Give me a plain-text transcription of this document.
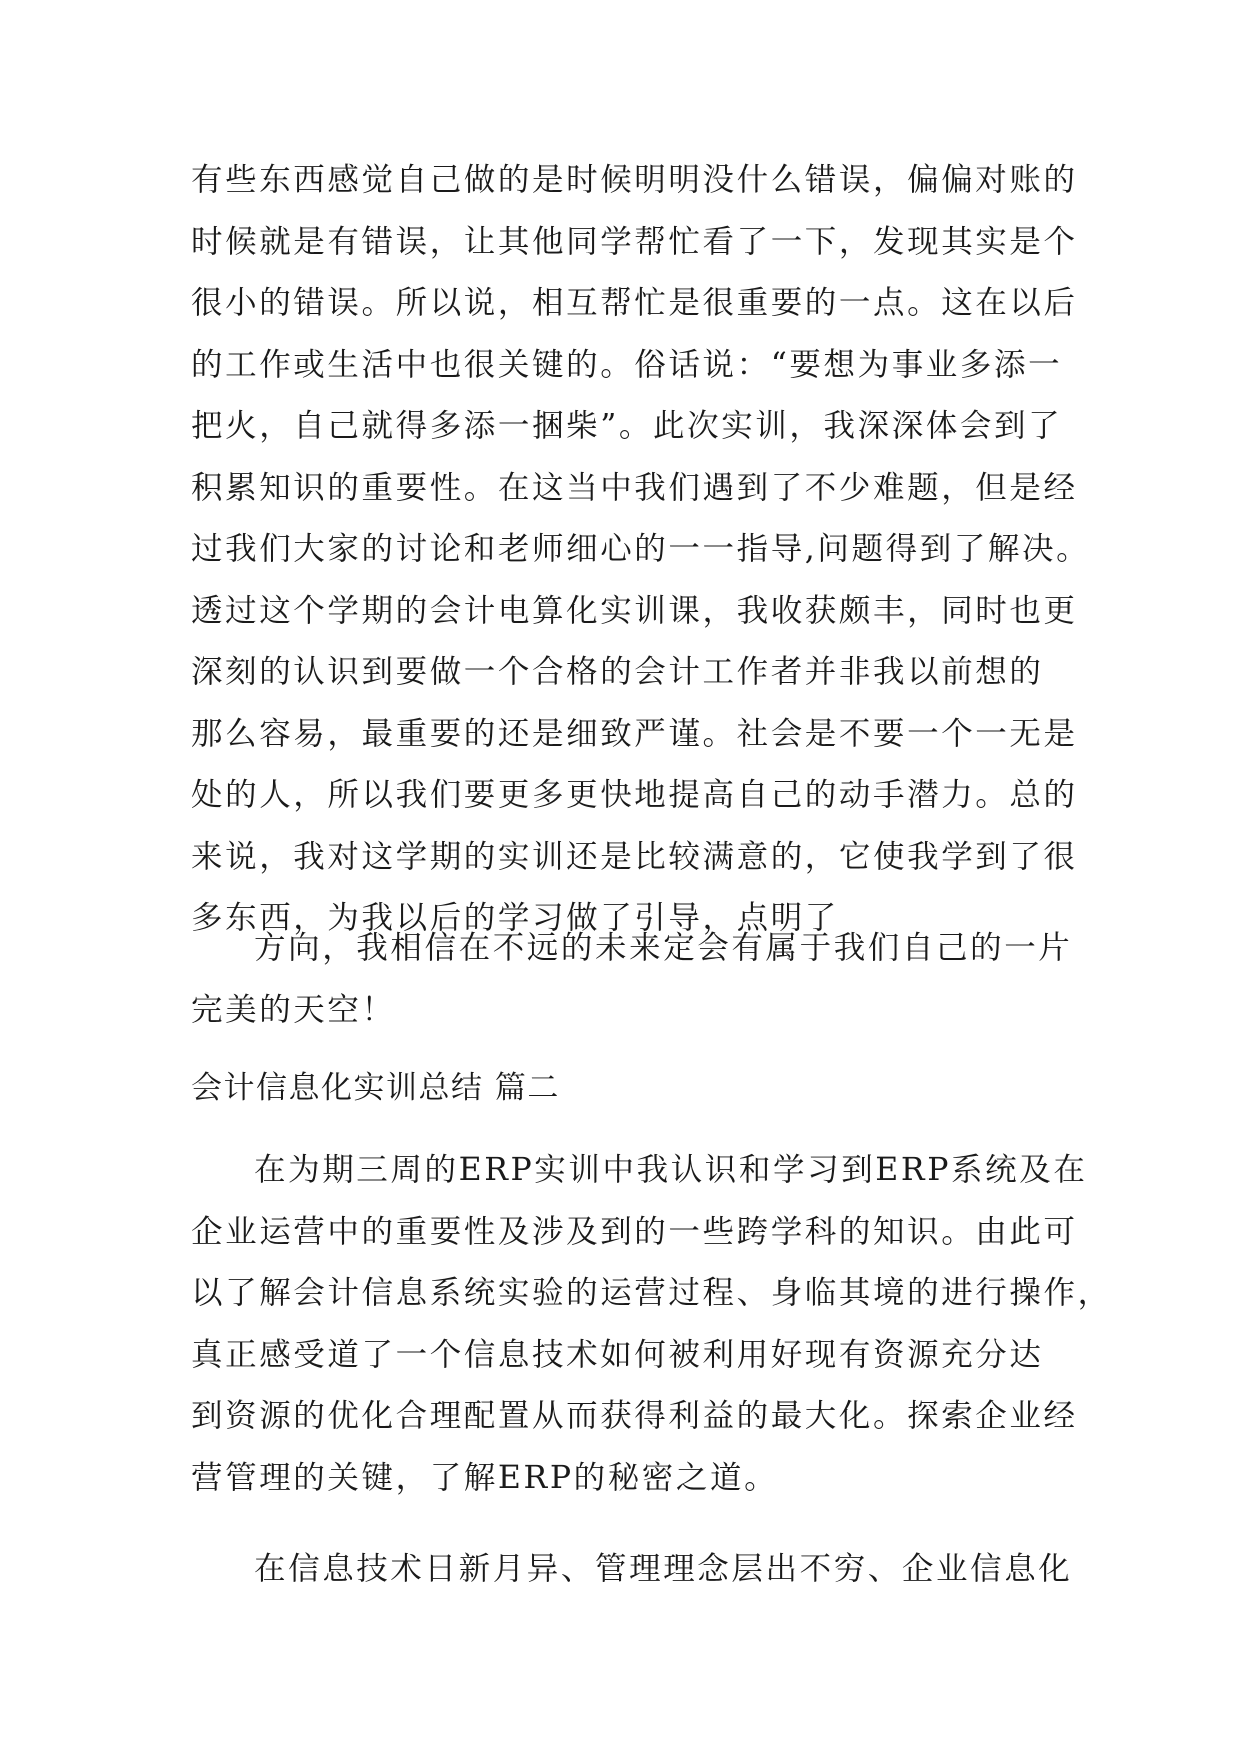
有些东西感觉自己做的是时候明明没什么错误，偏偏对账的
时候就是有错误，让其他同学帮忙看了一下，发现其实是个
很小的错误。所以说，相互帮忙是很重要的一点。这在以后
的工作或生活中也很关键的。俗话说：“要想为事业多添一
把火，自己就得多添一捆柴”。此次实训，我深深体会到了
积累知识的重要性。在这当中我们遇到了不少难题，但是经
过我们大家的讨论和老师细心的一一指导,问题得到了解决。
透过这个学期的会计电算化实训课，我收获颇丰，同时也更
深刻的认识到要做一个合格的会计工作者并非我以前想的
那么容易，最重要的还是细致严谨。社会是不要一个一无是
处的人，所以我们要更多更快地提高自己的动手潜力。总的
来说，我对这学期的实训还是比较满意的，它使我学到了很
多东西，为我以后的学习做了引导，点明了
方向，我相信在不远的未来定会有属于我们自己的一片
完美的天空！
会计信息化实训总结 篇二
在为期三周的ERP实训中我认识和学习到ERP系统及在
企业运营中的重要性及涉及到的一些跨学科的知识。由此可
以了解会计信息系统实验的运营过程、身临其境的进行操作，
真正感受道了一个信息技术如何被利用好现有资源充分达
到资源的优化合理配置从而获得利益的最大化。探索企业经
营管理的关键，了解ERP的秘密之道。
在信息技术日新月异、管理理念层出不穷、企业信息化
